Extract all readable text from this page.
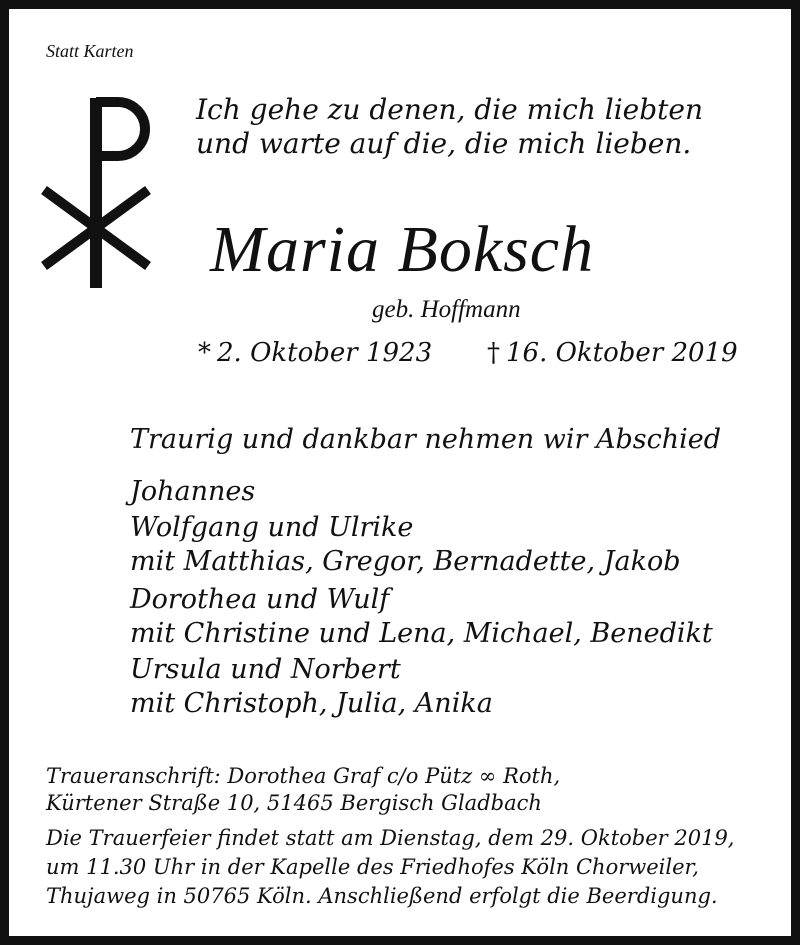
Statt Karten
Ich gehe zu denen, die mich liebten
und warte auf die, die mich lieben.
Maria Boksch
geb. Hoffmann
* 2. Oktober 1923 † 16. Oktober 2019
Traurig und dankbar nehmen wir Abschied
Johannes
Wolfgang und Ulrike
mit Matthias, Gregor, Bernadette, Jakob
Dorothea und Wulf
mit Christine und Lena, Michael, Benedikt
Ursula und Norbert
mit Christoph, Julia, Anika
Traueranschrift: Dorothea Graf c/o Pütz ∞ Roth,
Kürtener Straße 10, 51465 Bergisch Gladbach
Die Trauerfeier findet statt am Dienstag, dem 29. Oktober 2019,
um 11.30 Uhr in der Kapelle des Friedhofes Köln Chorweiler,
Thujaweg in 50765 Köln. Anschließend erfolgt die Beerdigung.
